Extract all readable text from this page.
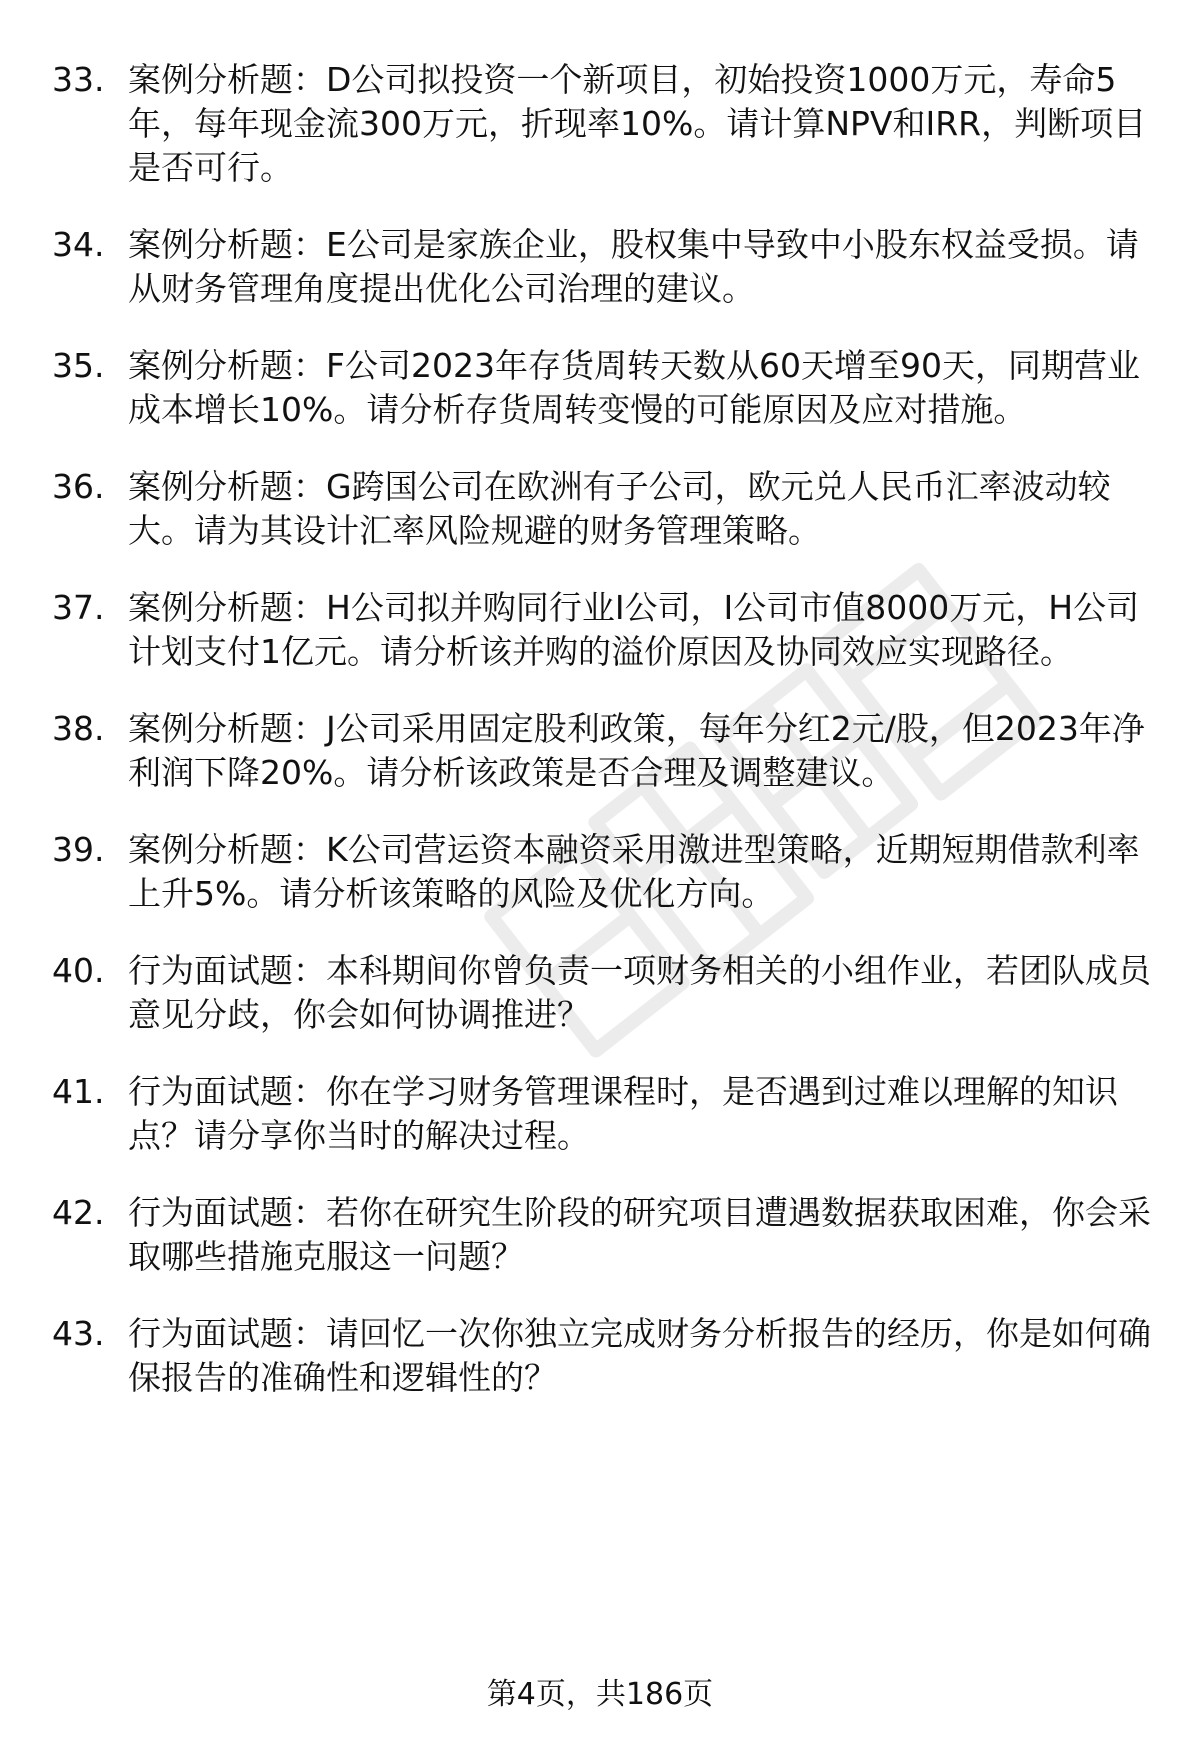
33. 案例分析题：D公司拟投资一个新项目，初始投资1000万元，寿命5年，每年现金流300万元，折现率10%。请计算NPV和IRR，判断项目是否可行。
34. 案例分析题：E公司是家族企业，股权集中导致中小股东权益受损。请从财务管理角度提出优化公司治理的建议。
35. 案例分析题：F公司2023年存货周转天数从60天增至90天，同期营业成本增长10%。请分析存货周转变慢的可能原因及应对措施。
36. 案例分析题：G跨国公司在欧洲有子公司，欧元兑人民币汇率波动较大。请为其设计汇率风险规避的财务管理策略。
37. 案例分析题：H公司拟并购同行业I公司，I公司市值8000万元，H公司计划支付1亿元。请分析该并购的溢价原因及协同效应实现路径。
38. 案例分析题：J公司采用固定股利政策，每年分红2元/股，但2023年净利润下降20%。请分析该政策是否合理及调整建议。
39. 案例分析题：K公司营运资本融资采用激进型策略，近期短期借款利率上升5%。请分析该策略的风险及优化方向。
40. 行为面试题：本科期间你曾负责一项财务相关的小组作业，若团队成员意见分歧，你会如何协调推进？
41. 行为面试题：你在学习财务管理课程时，是否遇到过难以理解的知识点？请分享你当时的解决过程。
42. 行为面试题：若你在研究生阶段的研究项目遭遇数据获取困难，你会采取哪些措施克服这一问题？
43. 行为面试题：请回忆一次你独立完成财务分析报告的经历，你是如何确保报告的准确性和逻辑性的？
第4页，共186页
